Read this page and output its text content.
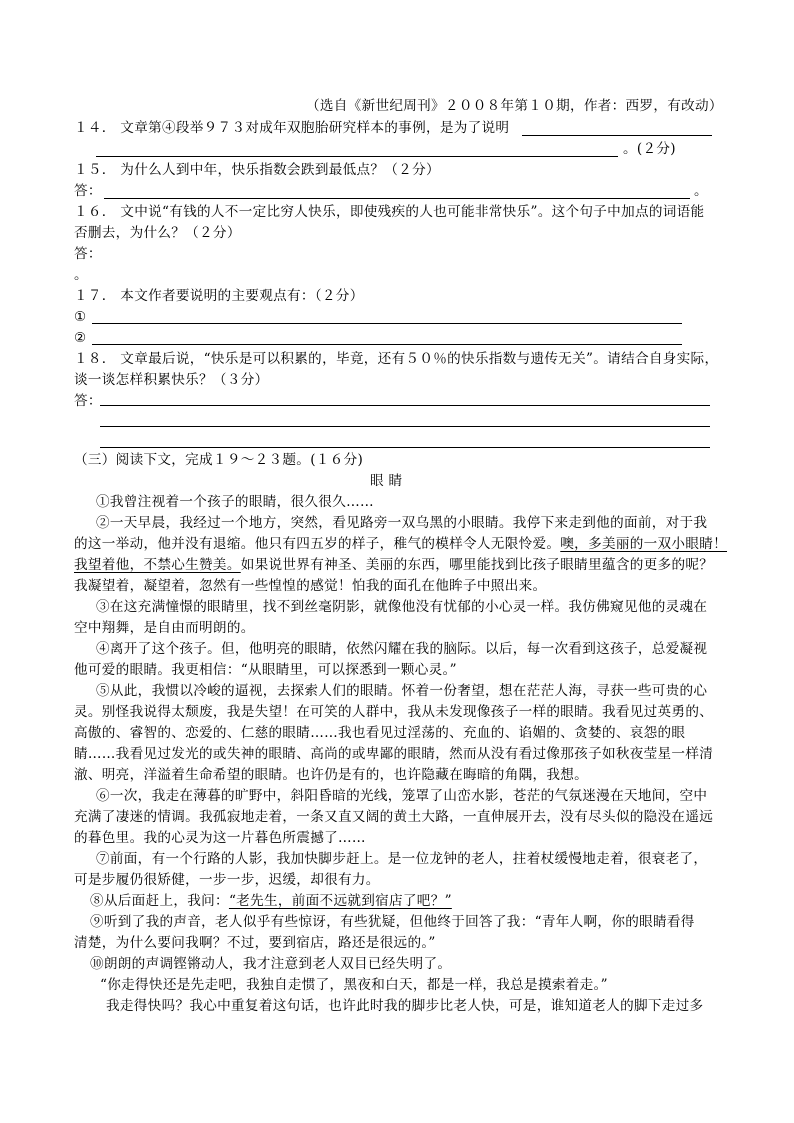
（选自《新世纪周刊》２００８年第１０期，作者：西罗，有改动）
１４． 文章第④段举９７３对成年双胞胎研究样本的事例，是为了说明
。(２分)
１５． 为什么人到中年，快乐指数会跌到最低点？（２分）
答：	。
１６． 文中说“有钱的人不一定比穷人快乐，即使残疾的人也可能非常快乐”。这个句子中加点的词语能
否删去，为什么？（２分）
答：
。
１７． 本文作者要说明的主要观点有：（２分）
①
②
１８． 文章最后说，“快乐是可以积累的，毕竟，还有５０％的快乐指数与遗传无关”。请结合自身实际，
谈一谈怎样积累快乐？（３分）
答：
（三）阅读下文，完成１９～２３题。(１６分)
眼 睛
①我曾注视着一个孩子的眼睛，很久很久……
②一天早晨，我经过一个地方，突然，看见路旁一双乌黑的小眼睛。我停下来走到他的面前，对于我
的这一举动，他并没有退缩。他只有四五岁的样子，稚气的模样令人无限怜爱。噢，多美丽的一双小眼睛！
我望着他，不禁心生赞美。如果说世界有神圣、美丽的东西，哪里能找到比孩子眼睛里蕴含的更多的呢？
我凝望着，凝望着，忽然有一些惶惶的感觉！怕我的面孔在他眸子中照出来。
③在这充满憧憬的眼睛里，找不到丝毫阴影，就像他没有忧郁的小心灵一样。我仿佛窥见他的灵魂在
空中翔舞，是自由而明朗的。
④离开了这个孩子。但，他明亮的眼睛，依然闪耀在我的脑际。以后，每一次看到这孩子，总爱凝视
他可爱的眼睛。我更相信：“从眼睛里，可以探悉到一颗心灵。”
⑤从此，我惯以冷峻的逼视，去探索人们的眼睛。怀着一份奢望，想在茫茫人海，寻获一些可贵的心
灵。别怪我说得太颓废，我是失望！在可笑的人群中，我从未发现像孩子一样的眼睛。我看见过英勇的、
高傲的、睿智的、恋爱的、仁慈的眼睛……我也看见过淫荡的、充血的、谄媚的、贪婪的、哀怨的眼
睛……我看见过发光的或失神的眼睛、高尚的或卑鄙的眼睛，然而从没有看过像那孩子如秋夜莹星一样清
澈、明亮，洋溢着生命希望的眼睛。也许仍是有的，也许隐藏在晦暗的角隅，我想。
⑥一次，我走在薄暮的旷野中，斜阳昏暗的光线，笼罩了山峦水影，苍茫的气氛迷漫在天地间，空中
充满了凄迷的情调。我孤寂地走着，一条又直又阔的黄土大路，一直伸展开去，没有尽头似的隐没在遥远
的暮色里。我的心灵为这一片暮色所震撼了……
⑦前面，有一个行路的人影，我加快脚步赶上。是一位龙钟的老人，拄着杖缓慢地走着，很衰老了，
可是步履仍很矫健，一步一步，迟缓，却很有力。
⑧从后面赶上，我问：“老先生，前面不远就到宿店了吧？”
⑨听到了我的声音，老人似乎有些惊讶，有些犹疑，但他终于回答了我：“青年人啊，你的眼睛看得
清楚，为什么要问我啊？不过，要到宿店，路还是很远的。”
⑩朗朗的声调铿锵动人，我才注意到老人双目已经失明了。
“你走得快还是先走吧，我独自走惯了，黑夜和白天，都是一样，我总是摸索着走。”
我走得快吗？我心中重复着这句话，也许此时我的脚步比老人快，可是，谁知道老人的脚下走过多
